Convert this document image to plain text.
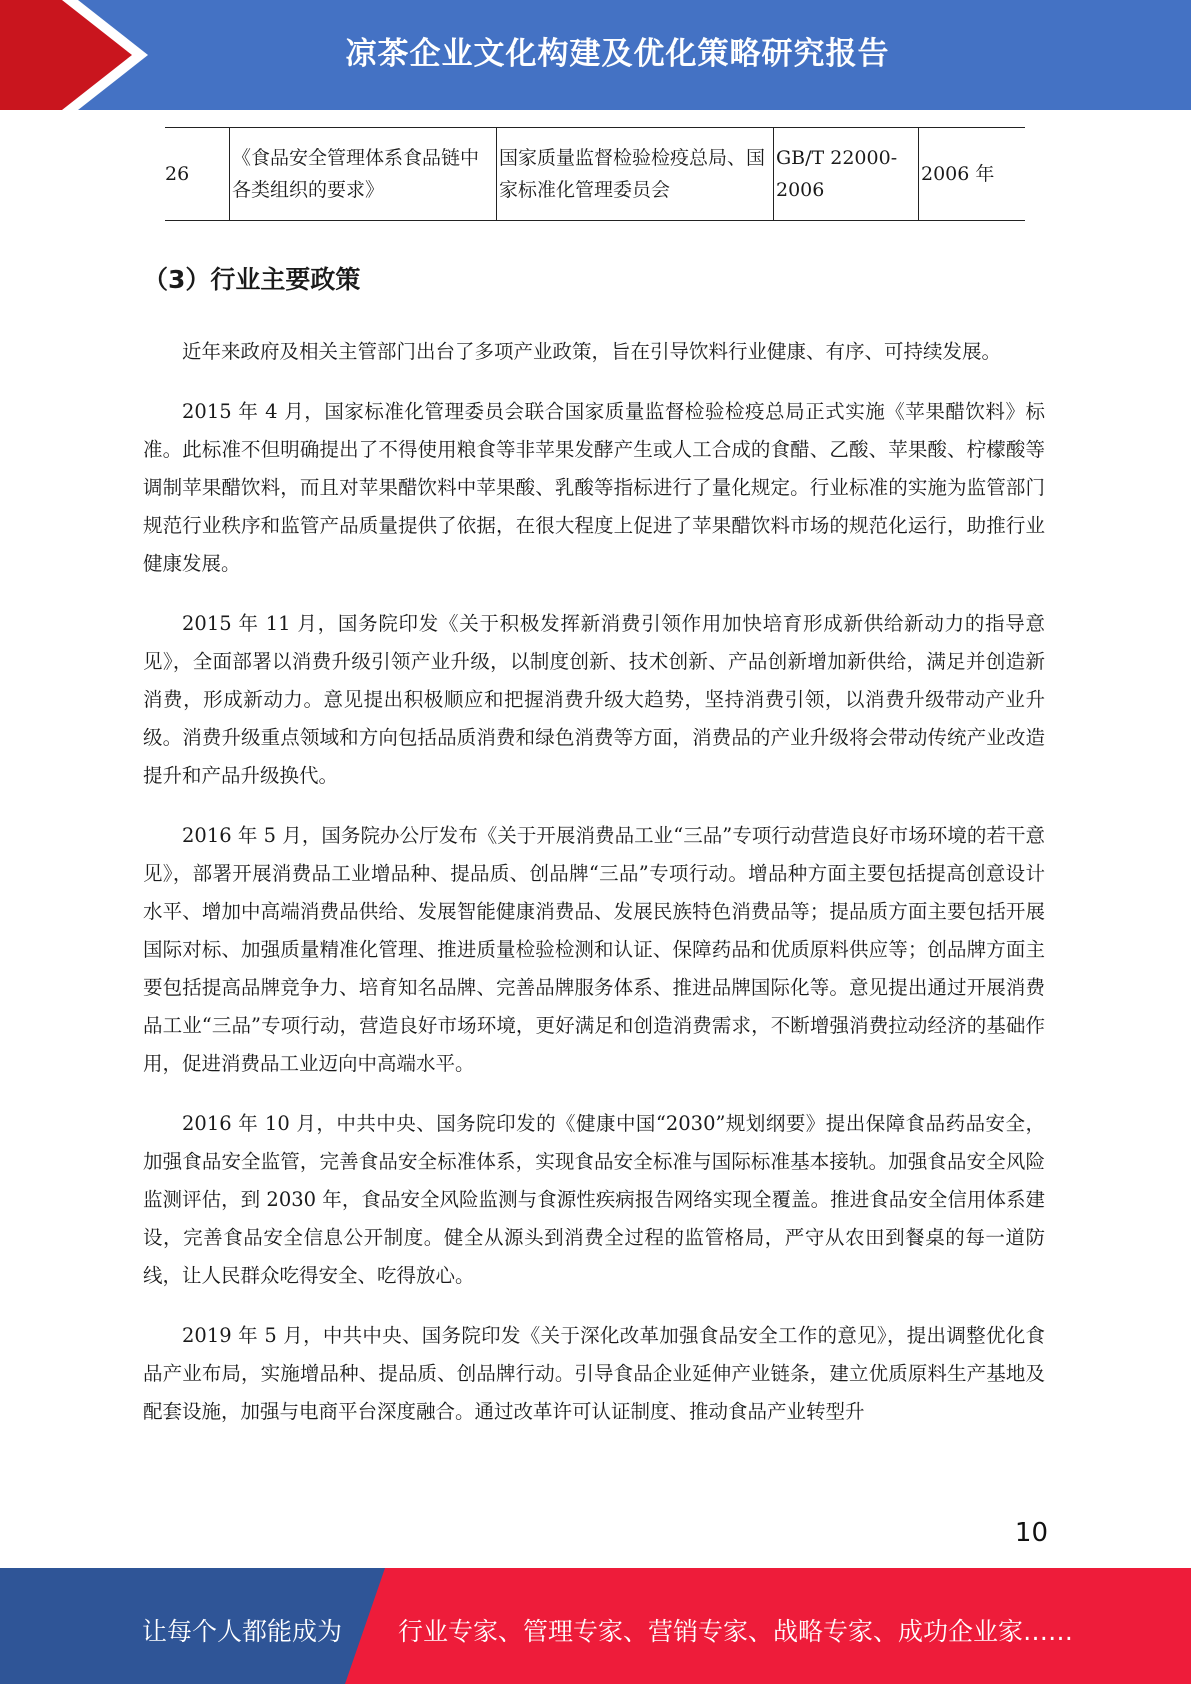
凉茶企业文化构建及优化策略研究报告
26	《食品安全管理体系食品链中各类组织的要求》	国家质量监督检验检疫总局、国家标准化管理委员会	GB/T 22000-2006	2006 年
（3）行业主要政策

近年来政府及相关主管部门出台了多项产业政策，旨在引导饮料行业健康、有序、可持续发展。

2015 年 4 月，国家标准化管理委员会联合国家质量监督检验检疫总局正式实施《苹果醋饮料》标准。此标准不但明确提出了不得使用粮食等非苹果发酵产生或人工合成的食醋、乙酸、苹果酸、柠檬酸等调制苹果醋饮料，而且对苹果醋饮料中苹果酸、乳酸等指标进行了量化规定。行业标准的实施为监管部门规范行业秩序和监管产品质量提供了依据，在很大程度上促进了苹果醋饮料市场的规范化运行，助推行业健康发展。

2015 年 11 月，国务院印发《关于积极发挥新消费引领作用加快培育形成新供给新动力的指导意见》，全面部署以消费升级引领产业升级，以制度创新、技术创新、产品创新增加新供给，满足并创造新消费，形成新动力。意见提出积极顺应和把握消费升级大趋势，坚持消费引领，以消费升级带动产业升级。消费升级重点领域和方向包括品质消费和绿色消费等方面，消费品的产业升级将会带动传统产业改造提升和产品升级换代。

2016 年 5 月，国务院办公厅发布《关于开展消费品工业“三品”专项行动营造良好市场环境的若干意见》，部署开展消费品工业增品种、提品质、创品牌“三品”专项行动。增品种方面主要包括提高创意设计水平、增加中高端消费品供给、发展智能健康消费品、发展民族特色消费品等；提品质方面主要包括开展国际对标、加强质量精准化管理、推进质量检验检测和认证、保障药品和优质原料供应等；创品牌方面主要包括提高品牌竞争力、培育知名品牌、完善品牌服务体系、推进品牌国际化等。意见提出通过开展消费品工业“三品”专项行动，营造良好市场环境，更好满足和创造消费需求，不断增强消费拉动经济的基础作用，促进消费品工业迈向中高端水平。

2016 年 10 月，中共中央、国务院印发的《健康中国“2030”规划纲要》提出保障食品药品安全，加强食品安全监管，完善食品安全标准体系，实现食品安全标准与国际标准基本接轨。加强食品安全风险监测评估，到 2030 年，食品安全风险监测与食源性疾病报告网络实现全覆盖。推进食品安全信用体系建设，完善食品安全信息公开制度。健全从源头到消费全过程的监管格局，严守从农田到餐桌的每一道防线，让人民群众吃得安全、吃得放心。

2019 年 5 月，中共中央、国务院印发《关于深化改革加强食品安全工作的意见》，提出调整优化食品产业布局，实施增品种、提品质、创品牌行动。引导食品企业延伸产业链条，建立优质原料生产基地及配套设施，加强与电商平台深度融合。通过改革许可认证制度、推动食品产业转型升

10
让每个人都能成为 行业专家、管理专家、营销专家、战略专家、成功企业家……
